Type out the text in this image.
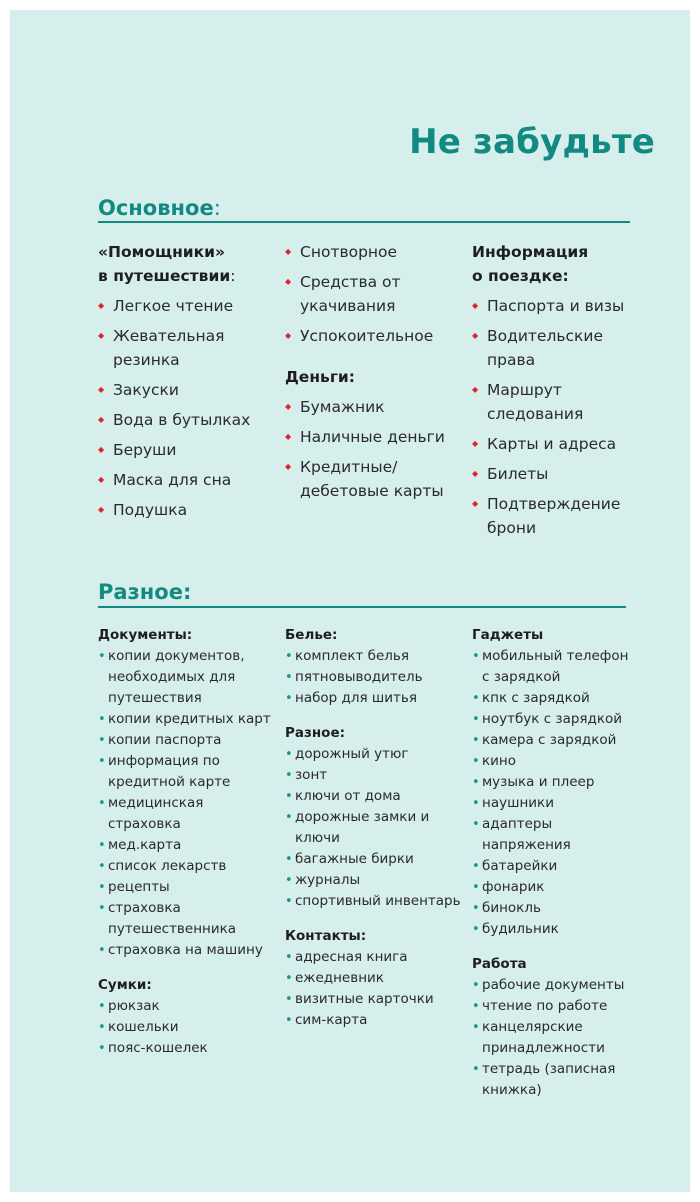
Не забудьте
Основное:
«Помощники»
в путешествии:
◆ Легкое чтение
◆ Жевательная резинка
◆ Закуски
◆ Вода в бутылках
◆ Беруши
◆ Маска для сна
◆ Подушка
◆ Снотворное
◆ Средства от укачивания
◆ Успокоительное
Деньги:
◆ Бумажник
◆ Наличные деньги
◆ Кредитные/ дебетовые карты
Информация
о поездке:
◆ Паспорта и визы
◆ Водительские права
◆ Маршрут следования
◆ Карты и адреса
◆ Билеты
◆ Подтверждение брони
Разное:
Документы:
• копии документов, необходимых для путешествия
• копии кредитных карт
• копии паспорта
• информация по кредитной карте
• медицинская страховка
• мед.карта
• список лекарств
• рецепты
• страховка путешественника
• страховка на машину
Сумки:
• рюкзак
• кошельки
• пояс-кошелек
Белье:
• комплект белья
• пятновыводитель
• набор для шитья
Разное:
• дорожный утюг
• зонт
• ключи от дома
• дорожные замки и ключи
• багажные бирки
• журналы
• спортивный инвентарь
Контакты:
• адресная книга
• ежедневник
• визитные карточки
• сим-карта
Гаджеты
• мобильный телефон с зарядкой
• кпк с зарядкой
• ноутбук с зарядкой
• камера с зарядкой
• кино
• музыка и плеер
• наушники
• адаптеры напряжения
• батарейки
• фонарик
• бинокль
• будильник
Работа
• рабочие документы
• чтение по работе
• канцелярские принадлежности
• тетрадь (записная книжка)
